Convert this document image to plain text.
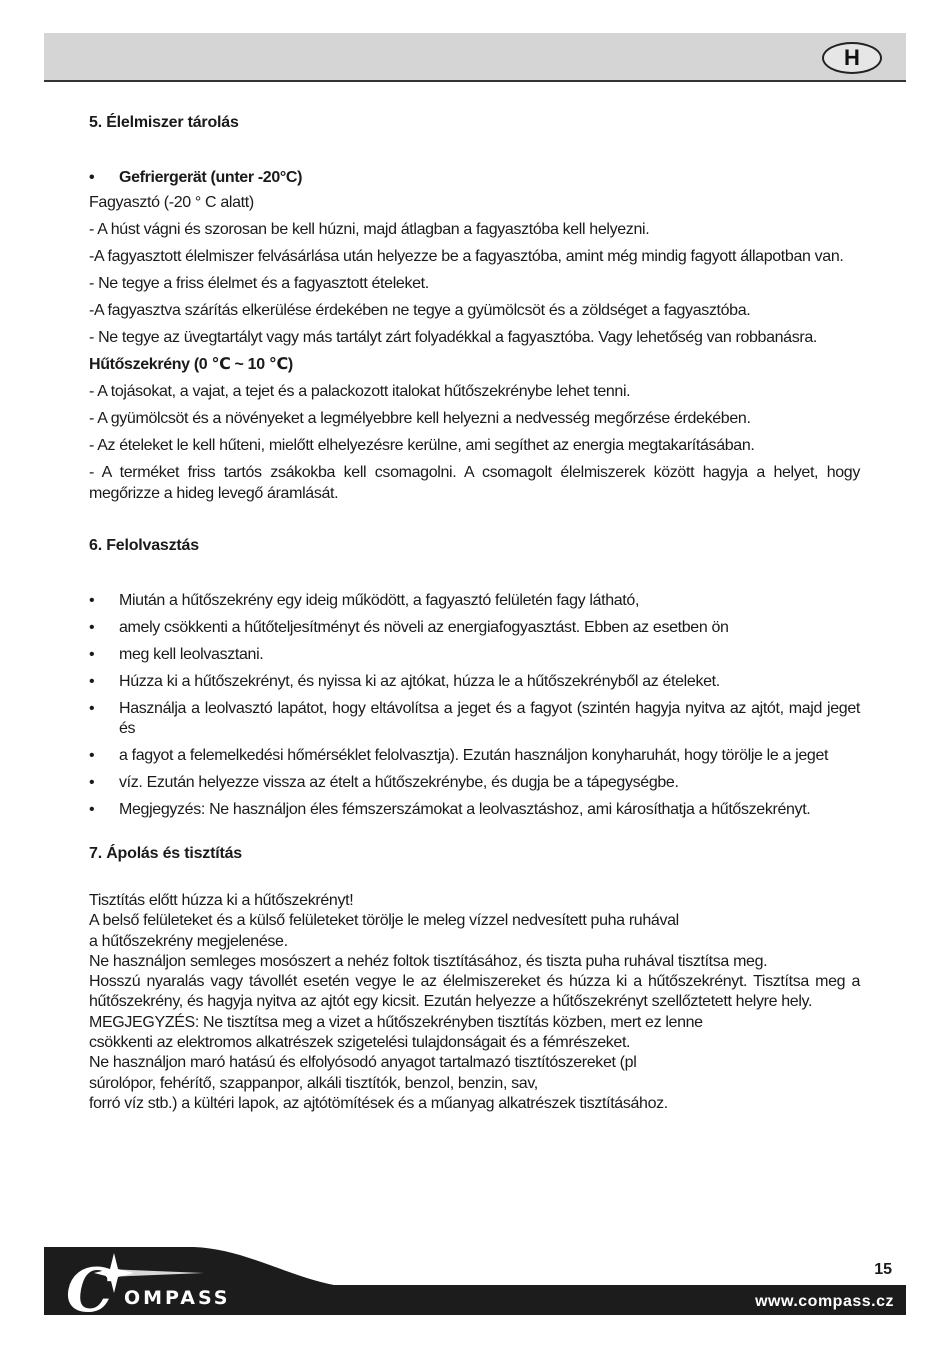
H
5. Élelmiszer tárolás
• Gefriergerät (unter -20°C)

Fagyasztó (-20 ° C alatt)

- A húst vágni és szorosan be kell húzni, majd átlagban a fagyasztóba kell helyezni.

-A fagyasztott élelmiszer felvásárlása után helyezze be a fagyasztóba, amint még mindig fagyott állapotban van.

- Ne tegye a friss élelmet és a fagyasztott ételeket.

-A fagyasztva szárítás elkerülése érdekében ne tegye a gyümölcsöt és a zöldséget a fagyasztóba.

- Ne tegye az üvegtartályt vagy más tartályt zárt folyadékkal a fagyasztóba. Vagy lehetőség van robbanásra.

Hűtőszekrény (0 ℃ ~ 10 ℃)

- A tojásokat, a vajat, a tejet és a palackozott italokat hűtőszekrénybe lehet tenni.

- A gyümölcsöt és a növényeket a legmélyebbre kell helyezni a nedvesség megőrzése érdekében.

- Az ételeket le kell hűteni, mielőtt elhelyezésre kerülne, ami segíthet az energia megtakarításában.

- A terméket friss tartós zsákokba kell csomagolni. A csomagolt élelmiszerek között hagyja a helyet, hogy megőrizze a hideg levegő áramlását.

6. Felolvasztás
• Miután a hűtőszekrény egy ideig működött, a fagyasztó felületén fagy látható,
• amely csökkenti a hűtőteljesítményt és növeli az energiafogyasztást. Ebben az esetben ön
• meg kell leolvasztani.
• Húzza ki a hűtőszekrényt, és nyissa ki az ajtókat, húzza le a hűtőszekrényből az ételeket.
• Használja a leolvasztó lapátot, hogy eltávolítsa a jeget és a fagyot (szintén hagyja nyitva az ajtót, majd jeget és
• a fagyot a felemelkedési hőmérséklet felolvasztja). Ezután használjon konyharuhát, hogy törölje le a jeget
• víz. Ezután helyezze vissza az ételt a hűtőszekrénybe, és dugja be a tápegységbe.
• Megjegyzés: Ne használjon éles fémszerszámokat a leolvasztáshoz, ami károsíthatja a hűtőszekrényt.
7. Ápolás és tisztítás

Tisztítás előtt húzza ki a hűtőszekrényt!

A belső felületeket és a külső felületeket törölje le meleg vízzel nedvesített puha ruhával

a hűtőszekrény megjelenése.

Ne használjon semleges mosószert a nehéz foltok tisztításához, és tiszta puha ruhával tisztítsa meg.

Hosszú nyaralás vagy távollét esetén vegye le az élelmiszereket és húzza ki a hűtőszekrényt. Tisztítsa meg a hűtőszekrény, és hagyja nyitva az ajtót egy kicsit. Ezután helyezze a hűtőszekrényt szellőztetett helyre hely.

MEGJEGYZÉS: Ne tisztítsa meg a vizet a hűtőszekrényben tisztítás közben, mert ez lenne

csökkenti az elektromos alkatrészek szigetelési tulajdonságait és a fémrészeket.

Ne használjon maró hatású és elfolyósodó anyagot tartalmazó tisztítószereket (pl

súrolópor, fehérítő, szappanpor, alkáli tisztítók, benzol, benzin, sav,

forró víz stb.) a kültéri lapok, az ajtótömítések és a műanyag alkatrészek tisztításához.

15
C OMPASS	www.compass.cz
